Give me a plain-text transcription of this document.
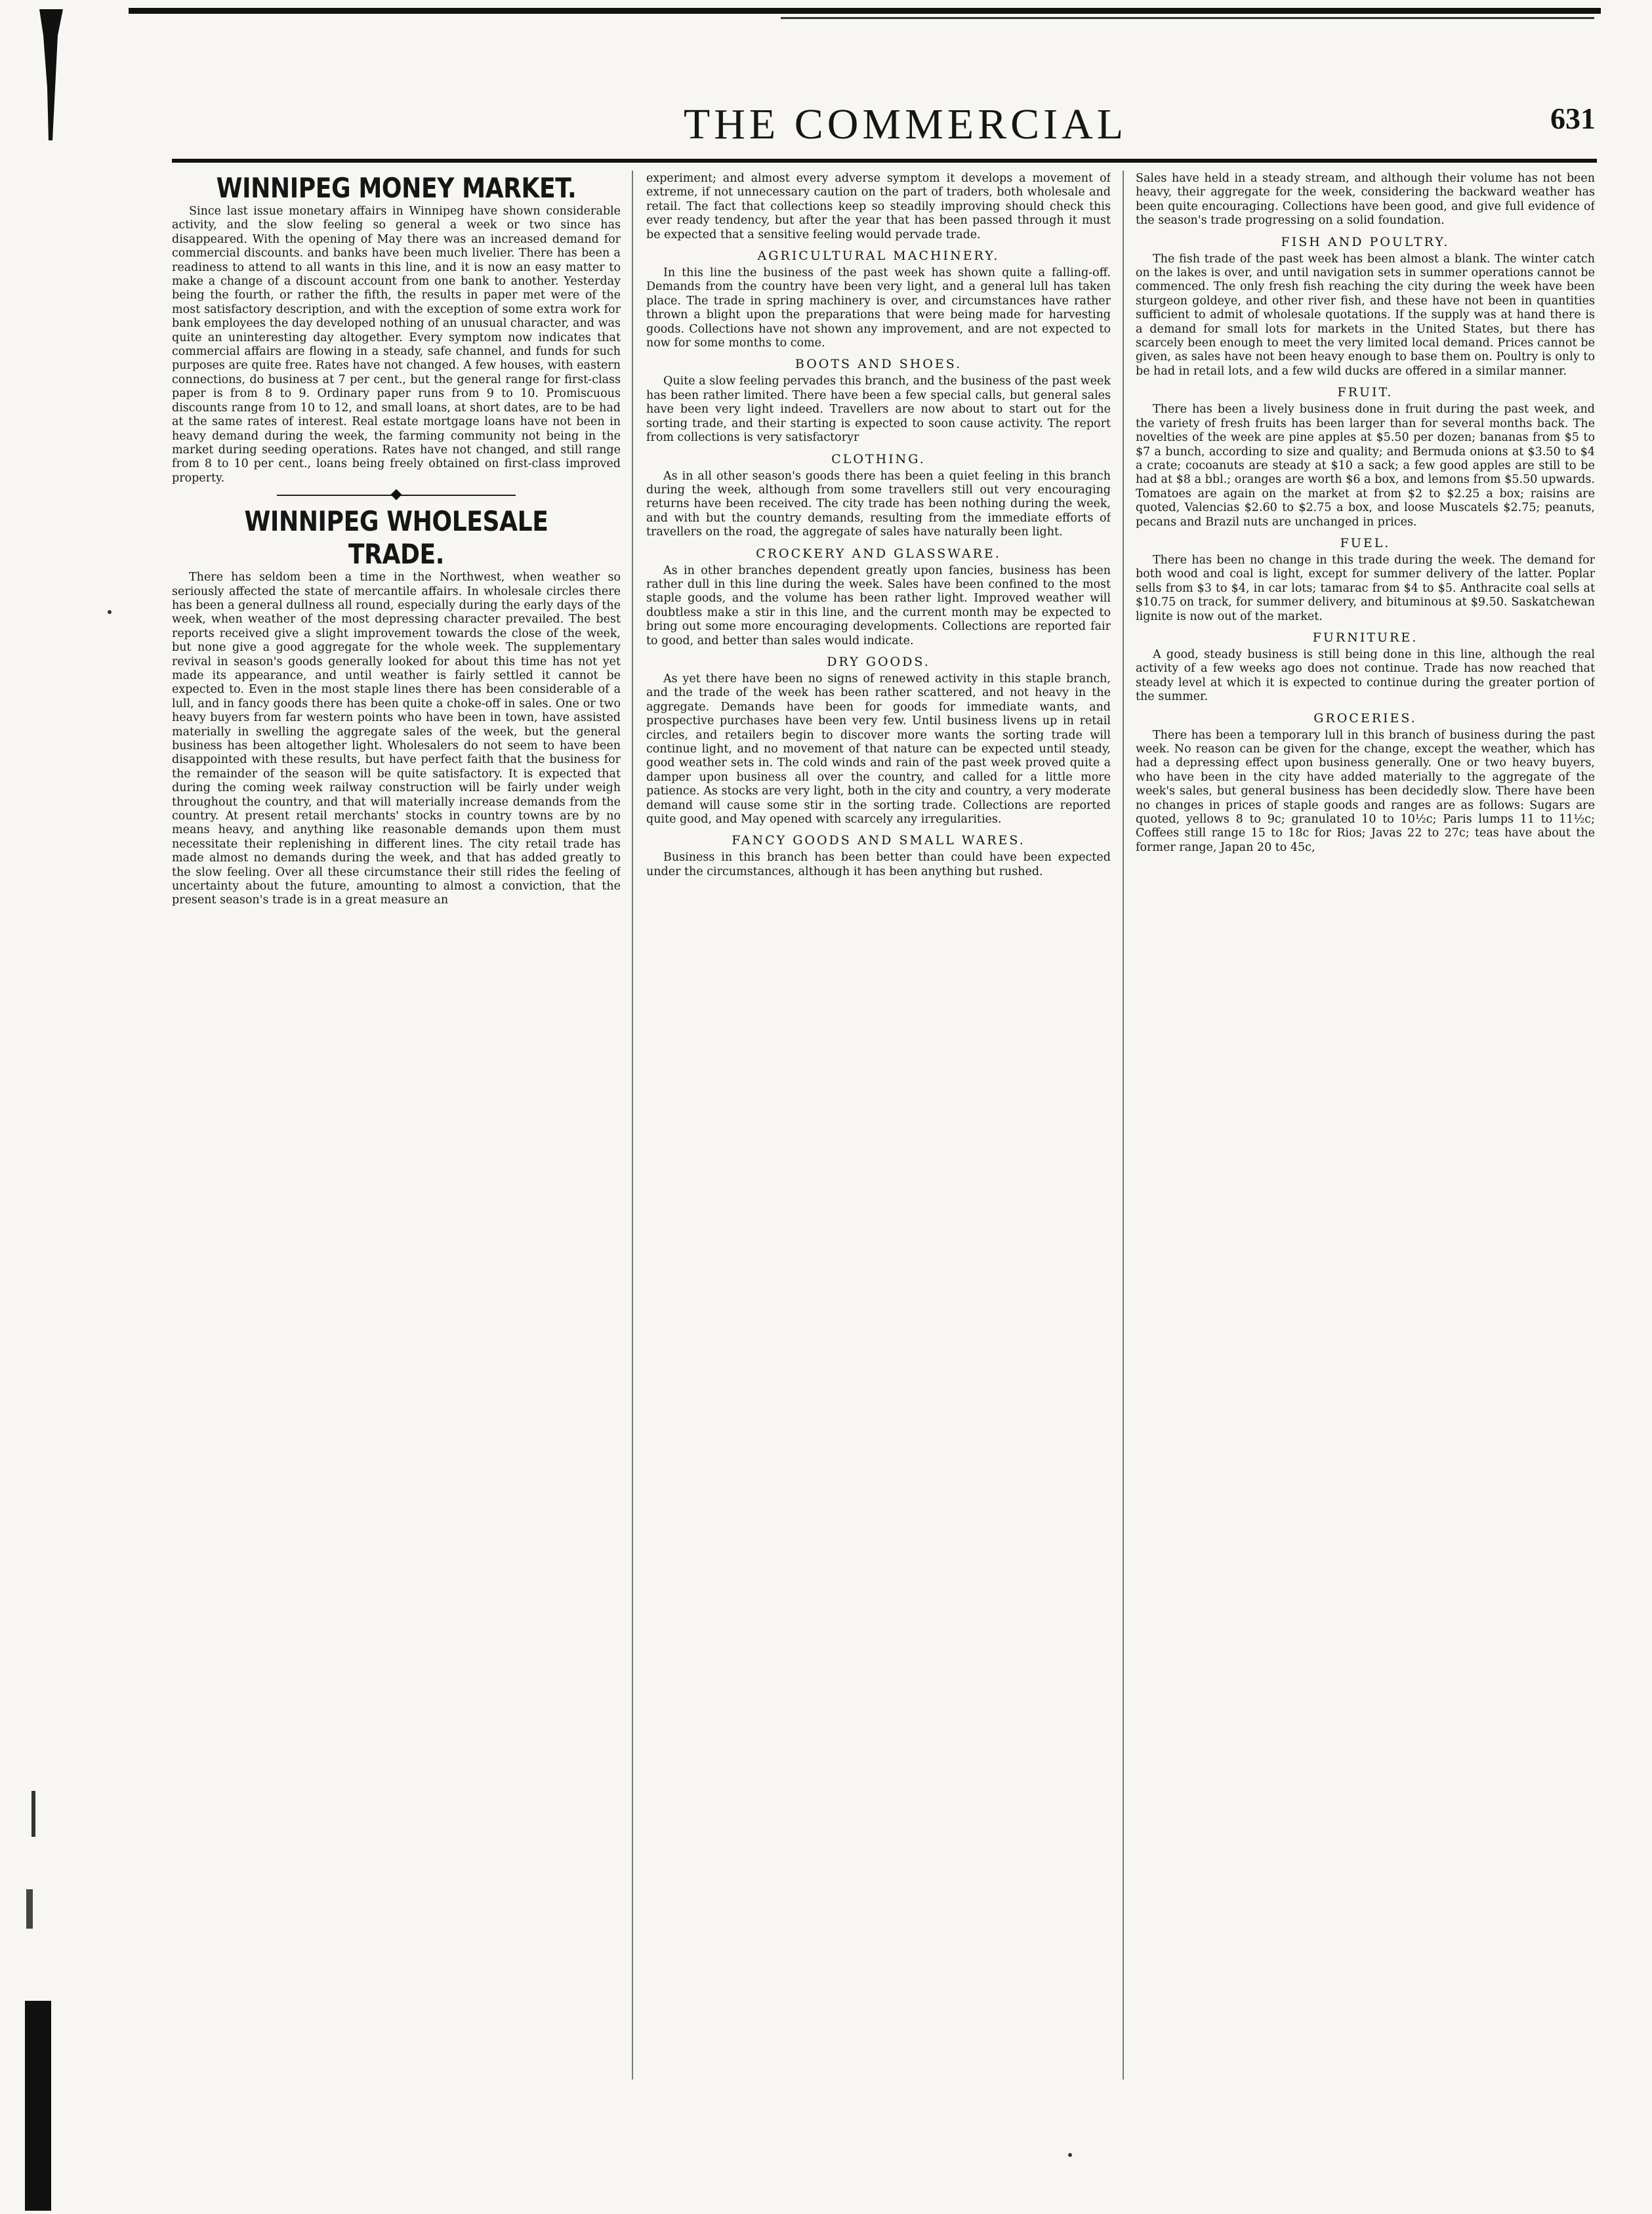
THE COMMERCIAL	631
WINNIPEG MONEY MARKET.

Since last issue monetary affairs in Winnipeg have shown considerable activity, and the slow feeling so general a week or two since has disappeared. With the opening of May there was an increased demand for commercial discounts. and banks have been much livelier. There has been a readiness to attend to all wants in this line, and it is now an easy matter to make a change of a discount account from one bank to another. Yesterday being the fourth, or rather the fifth, the results in paper met were of the most satisfactory description, and with the exception of some extra work for bank employees the day developed nothing of an unusual character, and was quite an uninteresting day altogether. Every symptom now indicates that commercial affairs are flowing in a steady, safe channel, and funds for such purposes are quite free. Rates have not changed. A few houses, with eastern connections, do business at 7 per cent., but the general range for first-class paper is from 8 to 9. Ordinary paper runs from 9 to 10. Promiscuous discounts range from 10 to 12, and small loans, at short dates, are to be had at the same rates of interest. Real estate mortgage loans have not been in heavy demand during the week, the farming community not being in the market during seeding operations. Rates have not changed, and still range from 8 to 10 per cent., loans being freely obtained on first-class improved property.

WINNIPEG WHOLESALE TRADE.

There has seldom been a time in the Northwest, when weather so seriously affected the state of mercantile affairs. In wholesale circles there has been a general dullness all round, especially during the early days of the week, when weather of the most depressing character prevailed. The best reports received give a slight improvement towards the close of the week, but none give a good aggregate for the whole week. The supplementary revival in season's goods generally looked for about this time has not yet made its appearance, and until weather is fairly settled it cannot be expected to. Even in the most staple lines there has been considerable of a lull, and in fancy goods there has been quite a choke-off in sales. One or two heavy buyers from far western points who have been in town, have assisted materially in swelling the aggregate sales of the week, but the general business has been altogether light. Wholesalers do not seem to have been disappointed with these results, but have perfect faith that the business for the remainder of the season will be quite satisfactory. It is expected that during the coming week railway construction will be fairly under weigh throughout the country, and that will materially increase demands from the country. At present retail merchants' stocks in country towns are by no means heavy, and anything like reasonable demands upon them must necessitate their replenishing in different lines. The city retail trade has made almost no demands during the week, and that has added greatly to the slow feeling. Over all these circumstance their still rides the feeling of uncertainty about the future, amounting to almost a conviction, that the present season's trade is in a great measure an

experiment; and almost every adverse symptom it develops a movement of extreme, if not unnecessary caution on the part of traders, both wholesale and retail. The fact that collections keep so steadily improving should check this ever ready tendency, but after the year that has been passed through it must be expected that a sensitive feeling would pervade trade.

AGRICULTURAL MACHINERY.

In this line the business of the past week has shown quite a falling-off. Demands from the country have been very light, and a general lull has taken place. The trade in spring machinery is over, and circumstances have rather thrown a blight upon the preparations that were being made for harvesting goods. Collections have not shown any improvement, and are not expected to now for some months to come.

BOOTS AND SHOES.

Quite a slow feeling pervades this branch, and the business of the past week has been rather limited. There have been a few special calls, but general sales have been very light indeed. Travellers are now about to start out for the sorting trade, and their starting is expected to soon cause activity. The report from collections is very satisfactoryr

CLOTHING.

As in all other season's goods there has been a quiet feeling in this branch during the week, although from some travellers still out very encouraging returns have been received. The city trade has been nothing during the week, and with but the country demands, resulting from the immediate efforts of travellers on the road, the aggregate of sales have naturally been light.

CROCKERY AND GLASSWARE.

As in other branches dependent greatly upon fancies, business has been rather dull in this line during the week. Sales have been confined to the most staple goods, and the volume has been rather light. Improved weather will doubtless make a stir in this line, and the current month may be expected to bring out some more encouraging developments. Collections are reported fair to good, and better than sales would indicate.

DRY GOODS.

As yet there have been no signs of renewed activity in this staple branch, and the trade of the week has been rather scattered, and not heavy in the aggregate. Demands have been for goods for immediate wants, and prospective purchases have been very few. Until business livens up in retail circles, and retailers begin to discover more wants the sorting trade will continue light, and no movement of that nature can be expected until steady, good weather sets in. The cold winds and rain of the past week proved quite a damper upon business all over the country, and called for a little more patience. As stocks are very light, both in the city and country, a very moderate demand will cause some stir in the sorting trade. Collections are reported quite good, and May opened with scarcely any irregularities.

FANCY GOODS AND SMALL WARES.

Business in this branch has been better than could have been expected under the circumstances, although it has been anything but rushed.

Sales have held in a steady stream, and although their volume has not been heavy, their aggregate for the week, considering the backward weather has been quite encouraging. Collections have been good, and give full evidence of the season's trade progressing on a solid foundation.

FISH AND POULTRY.

The fish trade of the past week has been almost a blank. The winter catch on the lakes is over, and until navigation sets in summer operations cannot be commenced. The only fresh fish reaching the city during the week have been sturgeon goldeye, and other river fish, and these have not been in quantities sufficient to admit of wholesale quotations. If the supply was at hand there is a demand for small lots for markets in the United States, but there has scarcely been enough to meet the very limited local demand. Prices cannot be given, as sales have not been heavy enough to base them on. Poultry is only to be had in retail lots, and a few wild ducks are offered in a similar manner.

FRUIT.

There has been a lively business done in fruit during the past week, and the variety of fresh fruits has been larger than for several months back. The novelties of the week are pine apples at $5.50 per dozen; bananas from $5 to $7 a bunch, according to size and quality; and Bermuda onions at $3.50 to $4 a crate; cocoanuts are steady at $10 a sack; a few good apples are still to be had at $8 a bbl.; oranges are worth $6 a box, and lemons from $5.50 upwards. Tomatoes are again on the market at from $2 to $2.25 a box; raisins are quoted, Valencias $2.60 to $2.75 a box, and loose Muscatels $2.75; peanuts, pecans and Brazil nuts are unchanged in prices.

FUEL.

There has been no change in this trade during the week. The demand for both wood and coal is light, except for summer delivery of the latter. Poplar sells from $3 to $4, in car lots; tamarac from $4 to $5. Anthracite coal sells at $10.75 on track, for summer delivery, and bituminous at $9.50. Saskatchewan lignite is now out of the market.

FURNITURE.

A good, steady business is still being done in this line, although the real activity of a few weeks ago does not continue. Trade has now reached that steady level at which it is expected to continue during the greater portion of the summer.

GROCERIES.

There has been a temporary lull in this branch of business during the past week. No reason can be given for the change, except the weather, which has had a depressing effect upon business generally. One or two heavy buyers, who have been in the city have added materially to the aggregate of the week's sales, but general business has been decidedly slow. There have been no changes in prices of staple goods and ranges are as follows: Sugars are quoted, yellows 8 to 9c; granulated 10 to 10½c; Paris lumps 11 to 11½c; Coffees still range 15 to 18c for Rios; Javas 22 to 27c; teas have about the former range, Japan 20 to 45c,
